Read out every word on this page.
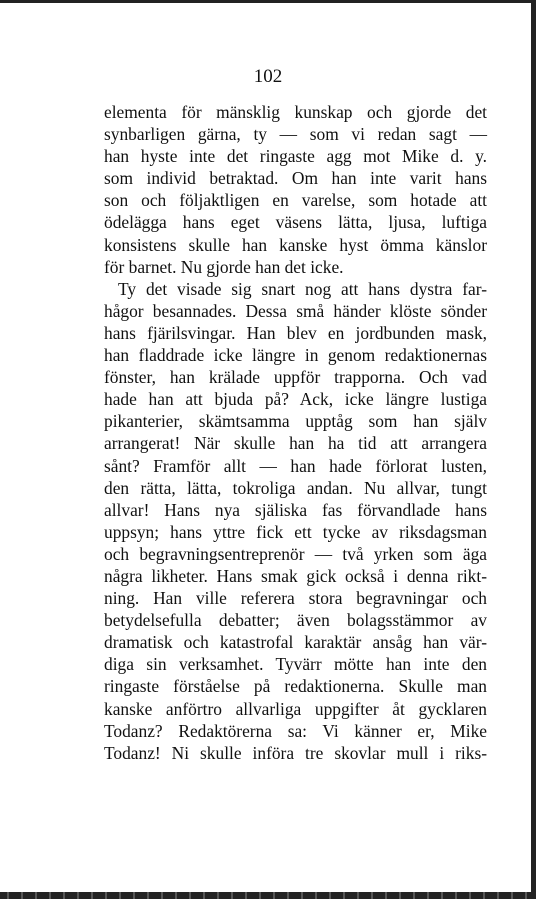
102
elementa för mänsklig kunskap och gjorde det
synbarligen gärna, ty — som vi redan sagt —
han hyste inte det ringaste agg mot Mike d. y.
som individ betraktad. Om han inte varit hans
son och följaktligen en varelse, som hotade att
ödelägga hans eget väsens lätta, ljusa, luftiga
konsistens skulle han kanske hyst ömma känslor
för barnet. Nu gjorde han det icke.
Ty det visade sig snart nog att hans dystra far-
hågor besannades. Dessa små händer klöste sönder
hans fjärilsvingar. Han blev en jordbunden mask,
han fladdrade icke längre in genom redaktionernas
fönster, han krälade uppför trapporna. Och vad
hade han att bjuda på? Ack, icke längre lustiga
pikanterier, skämtsamma upptåg som han själv
arrangerat! När skulle han ha tid att arrangera
sånt? Framför allt — han hade förlorat lusten,
den rätta, lätta, tokroliga andan. Nu allvar, tungt
allvar! Hans nya själiska fas förvandlade hans
uppsyn; hans yttre fick ett tycke av riksdagsman
och begravningsentreprenör — två yrken som äga
några likheter. Hans smak gick också i denna rikt-
ning. Han ville referera stora begravningar och
betydelsefulla debatter; även bolagsstämmor av
dramatisk och katastrofal karaktär ansåg han vär-
diga sin verksamhet. Tyvärr mötte han inte den
ringaste förståelse på redaktionerna. Skulle man
kanske anförtro allvarliga uppgifter åt gycklaren
Todanz? Redaktörerna sa: Vi känner er, Mike
Todanz! Ni skulle införa tre skovlar mull i riks-
